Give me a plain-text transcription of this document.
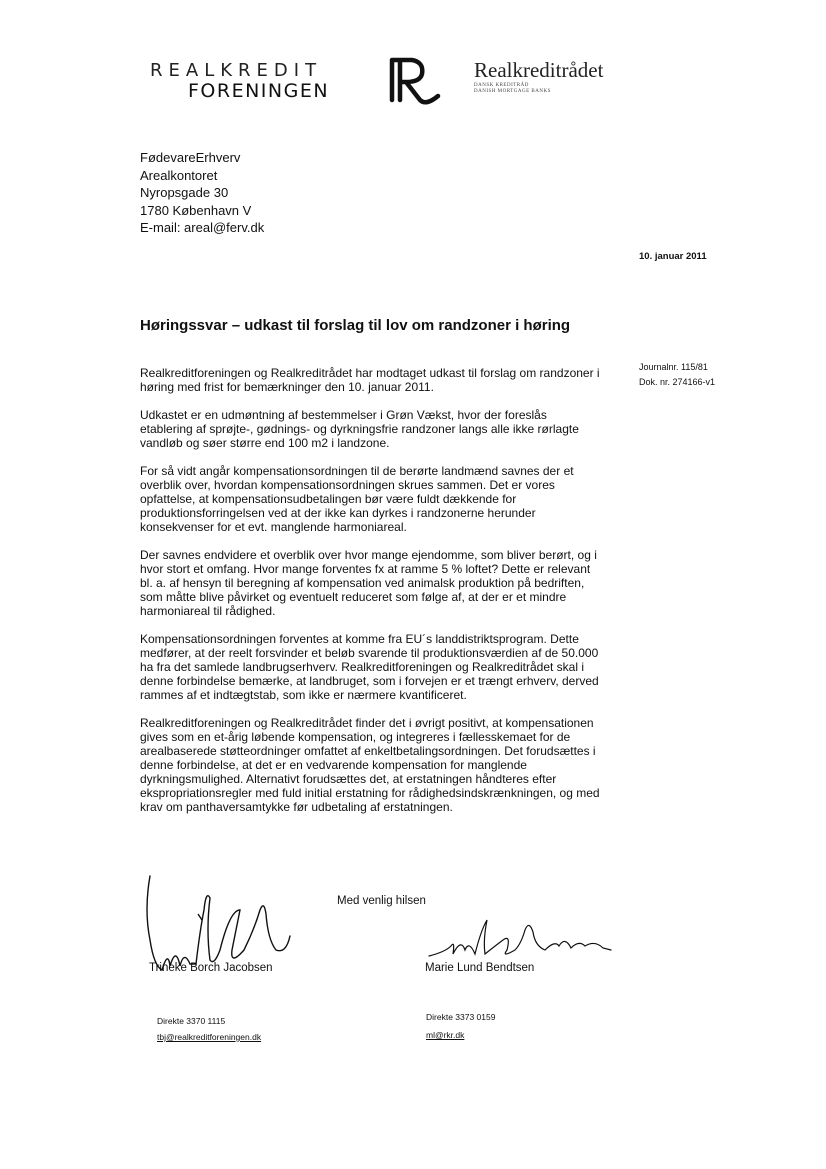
REALKREDIT
FORENINGEN
Realkreditrådet
DANSK KREDITRÅD
DANISH MORTGAGE BANKS
FødevareErhverv
Arealkontoret
Nyropsgade 30
1780 København V
E-mail: areal@ferv.dk
10. januar 2011
Høringssvar – udkast til forslag til lov om randzoner i høring
Journalnr. 115/81
Dok. nr. 274166-v1

Realkreditforeningen og Realkreditrådet har modtaget udkast til forslag om randzoner i høring med frist for bemærkninger den 10. januar 2011.

Udkastet er en udmøntning af bestemmelser i Grøn Vækst, hvor der foreslås etablering af sprøjte-, gødnings- og dyrkningsfrie randzoner langs alle ikke rørlagte vandløb og søer større end 100 m2 i landzone.

For så vidt angår kompensationsordningen til de berørte landmænd savnes der et overblik over, hvordan kompensationsordningen skrues sammen. Det er vores opfattelse, at kompensationsudbetalingen bør være fuldt dækkende for produktionsforringelsen ved at der ikke kan dyrkes i randzonerne herunder konsekvenser for et evt. manglende harmoniareal.

Der savnes endvidere et overblik over hvor mange ejendomme, som bliver berørt, og i hvor stort et omfang. Hvor mange forventes fx at ramme 5 % loftet? Dette er relevant bl. a. af hensyn til beregning af kompensation ved animalsk produktion på bedriften, som måtte blive påvirket og eventuelt reduceret som følge af, at der er et mindre harmoniareal til rådighed.

Kompensationsordningen forventes at komme fra EU´s landdistriktsprogram. Dette medfører, at der reelt forsvinder et beløb svarende til produktionsværdien af de 50.000 ha fra det samlede landbrugserhverv. Realkreditforeningen og Realkreditrådet skal i denne forbindelse bemærke, at landbruget, som i forvejen er et trængt erhverv, derved rammes af et indtægtstab, som ikke er nærmere kvantificeret.

Realkreditforeningen og Realkreditrådet finder det i øvrigt positivt, at kompensationen gives som en et-årig løbende kompensation, og integreres i fællesskemaet for de arealbaserede støtteordninger omfattet af enkeltbetalingsordningen. Det forudsættes i denne forbindelse, at det er en vedvarende kompensation for manglende dyrkningsmulighed. Alternativt forudsættes det, at erstatningen håndteres efter ekspropriationsregler med fuld initial erstatning for rådighedsindskrænkningen, og med krav om panthaversamtykke før udbetaling af erstatningen.

Med venlig hilsen
Trineke Borch Jacobsen	Marie Lund Bendtsen
Direkte 3370 1115	Direkte 3373 0159
tbj@realkreditforeningen.dk	ml@rkr.dk
